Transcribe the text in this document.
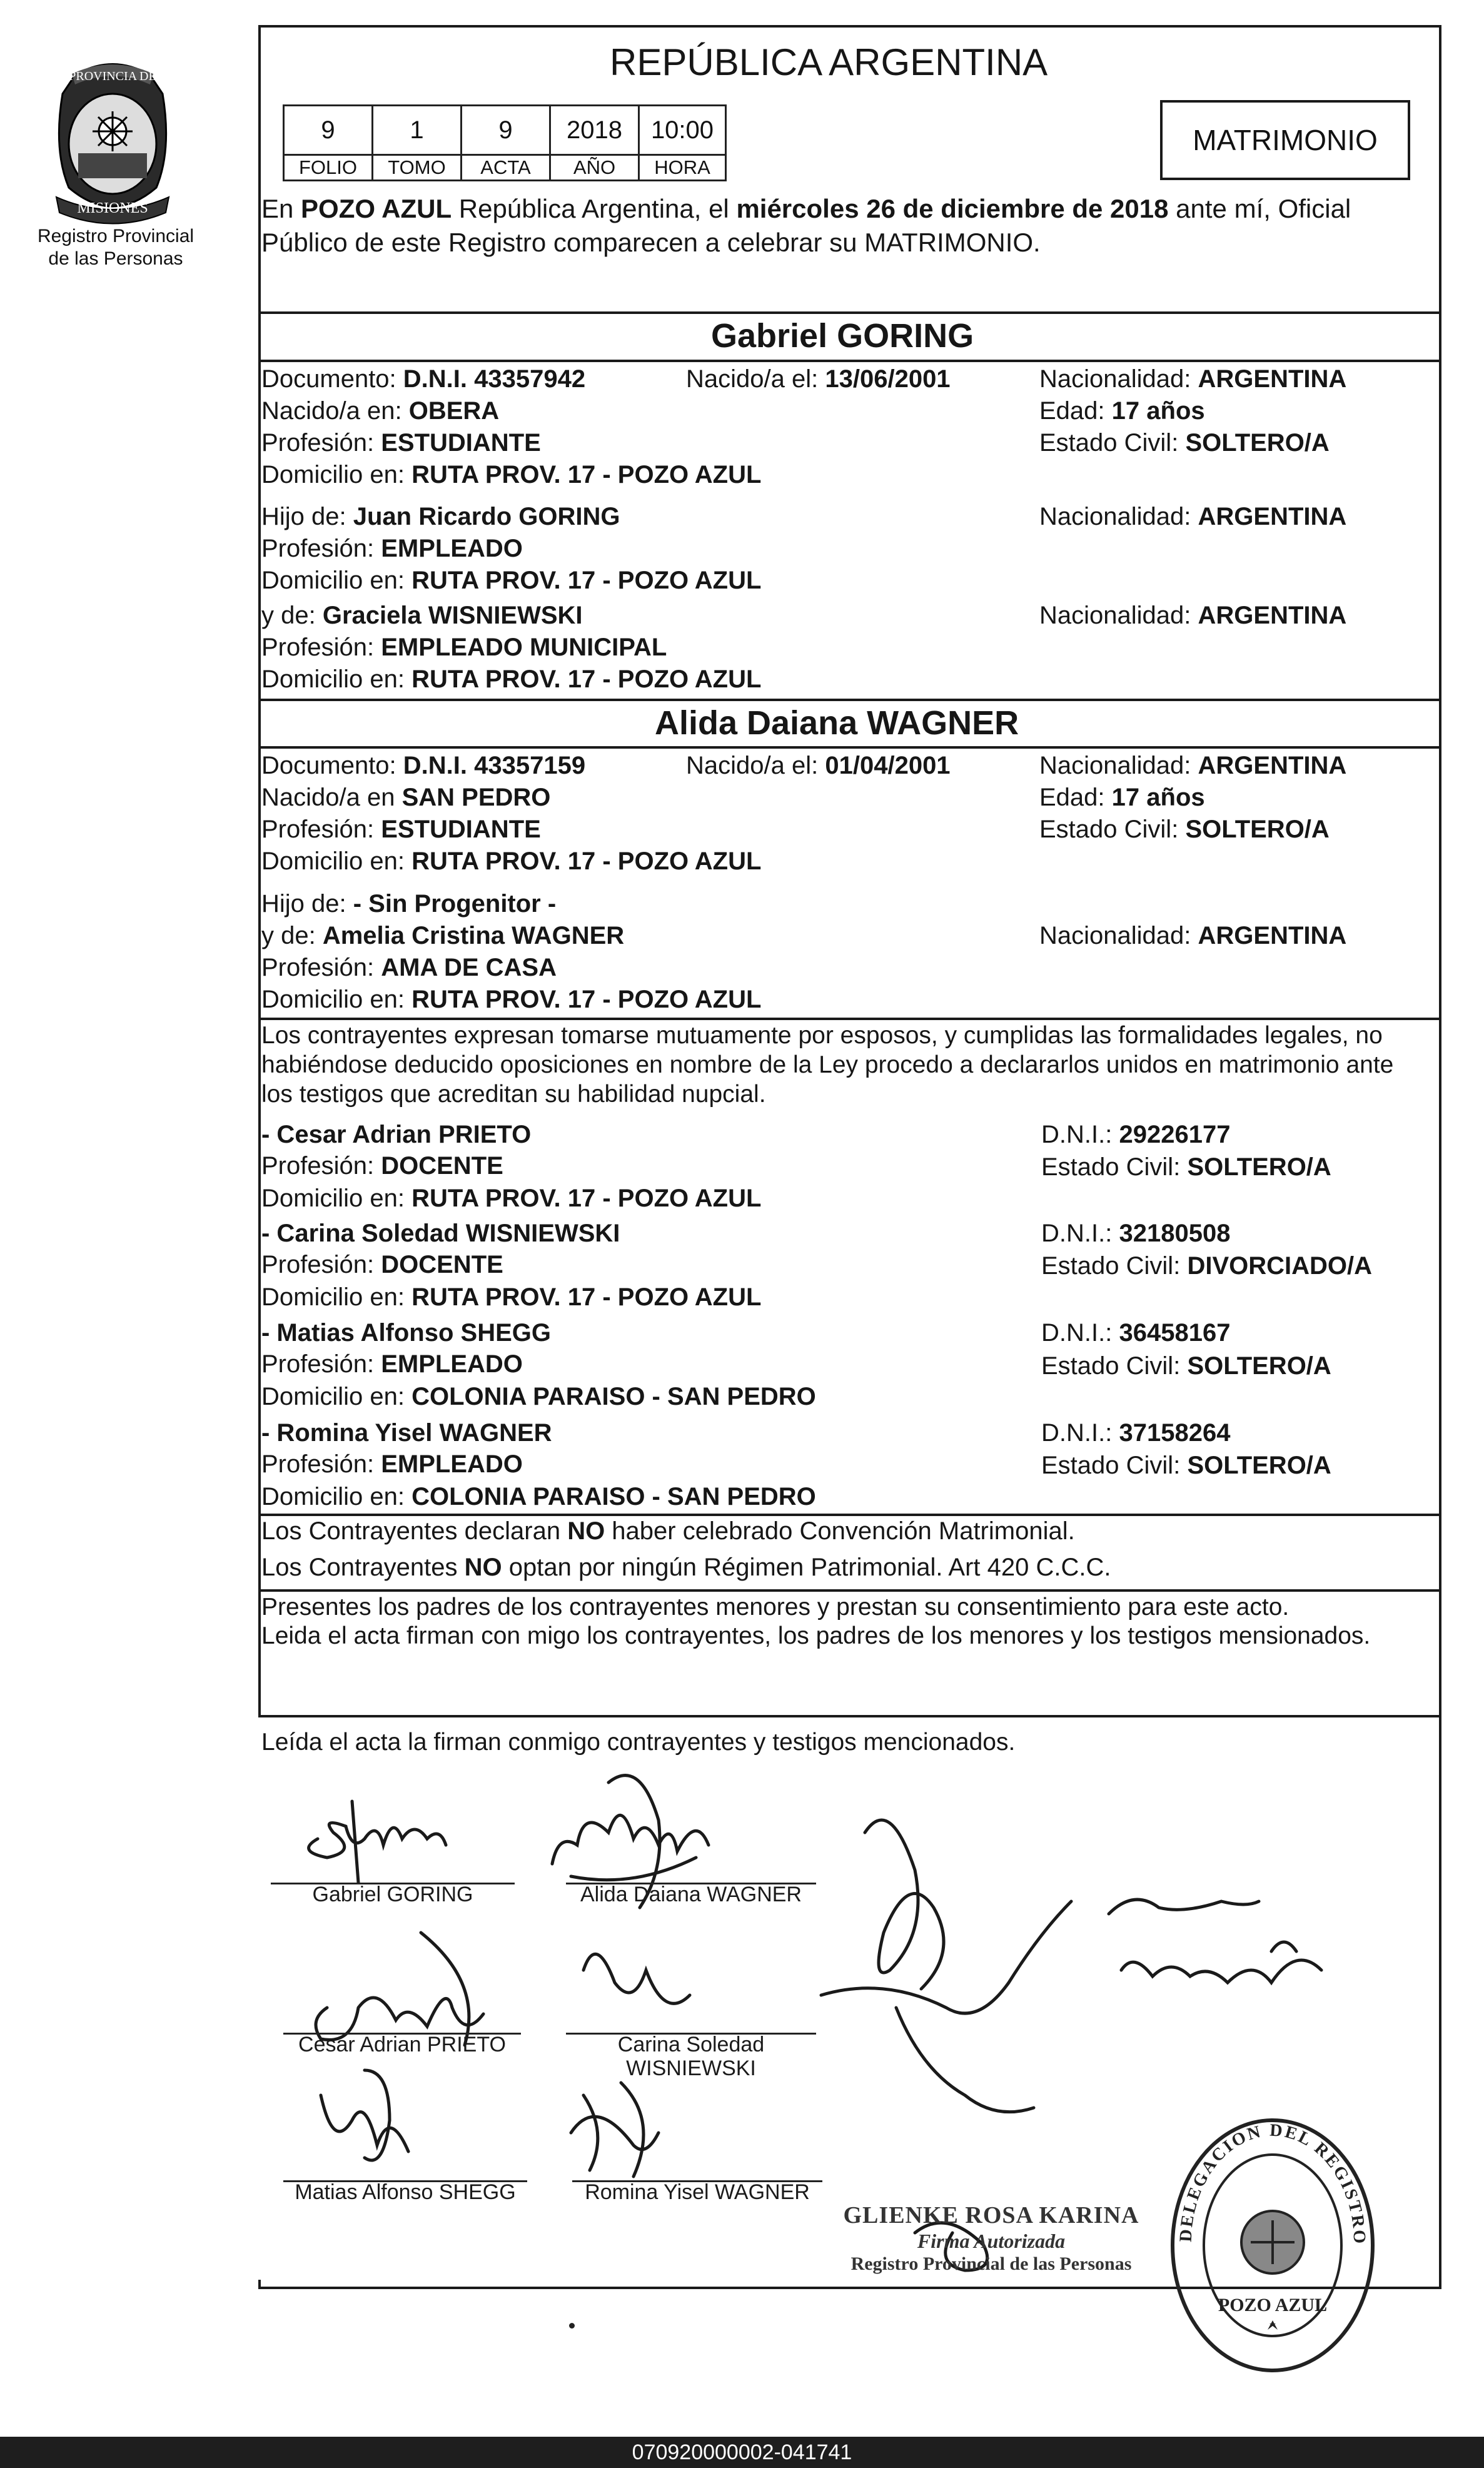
PROVINCIA DE
MISIONES
Registro Provincial
de las Personas
REPÚBLICA ARGENTINA
9	1	9	2018	10:00
FOLIO	TOMO	ACTA	AÑO	HORA
MATRIMONIO
En POZO AZUL República Argentina, el miércoles 26 de diciembre de 2018 ante mí, Oficial
Público de este Registro comparecen a celebrar su MATRIMONIO.
Gabriel GORING
Documento: D.N.I. 43357942	Nacido/a el: 13/06/2001	Nacionalidad: ARGENTINA
Nacido/a en: OBERA	Edad: 17 años
Profesión: ESTUDIANTE	Estado Civil: SOLTERO/A
Domicilio en: RUTA PROV. 17 - POZO AZUL
Hijo de: Juan Ricardo GORING	Nacionalidad: ARGENTINA
Profesión: EMPLEADO
Domicilio en: RUTA PROV. 17 - POZO AZUL
y de: Graciela WISNIEWSKI	Nacionalidad: ARGENTINA
Profesión: EMPLEADO MUNICIPAL
Domicilio en: RUTA PROV. 17 - POZO AZUL
Alida Daiana WAGNER
Documento: D.N.I. 43357159	Nacido/a el: 01/04/2001	Nacionalidad: ARGENTINA
Nacido/a en SAN PEDRO	Edad: 17 años
Profesión: ESTUDIANTE	Estado Civil: SOLTERO/A
Domicilio en: RUTA PROV. 17 - POZO AZUL
Hijo de: - Sin Progenitor -
y de: Amelia Cristina WAGNER	Nacionalidad: ARGENTINA
Profesión: AMA DE CASA
Domicilio en: RUTA PROV. 17 - POZO AZUL
Los contrayentes expresan tomarse mutuamente por esposos, y cumplidas las formalidades legales, no
habiéndose deducido oposiciones en nombre de la Ley procedo a declararlos unidos en matrimonio ante
los testigos que acreditan su habilidad nupcial.
- Cesar Adrian PRIETO	D.N.I.: 29226177
Profesión: DOCENTE	Estado Civil: SOLTERO/A
Domicilio en: RUTA PROV. 17 - POZO AZUL
- Carina Soledad WISNIEWSKI	D.N.I.: 32180508
Profesión: DOCENTE	Estado Civil: DIVORCIADO/A
Domicilio en: RUTA PROV. 17 - POZO AZUL
- Matias Alfonso SHEGG	D.N.I.: 36458167
Profesión: EMPLEADO	Estado Civil: SOLTERO/A
Domicilio en: COLONIA PARAISO - SAN PEDRO
- Romina Yisel WAGNER	D.N.I.: 37158264
Profesión: EMPLEADO	Estado Civil: SOLTERO/A
Domicilio en: COLONIA PARAISO - SAN PEDRO
Los Contrayentes declaran NO haber celebrado Convención Matrimonial.
Los Contrayentes NO optan por ningún Régimen Patrimonial. Art 420 C.C.C.
Presentes los padres de los contrayentes menores y prestan su consentimiento para este acto.
Leida el acta firman con migo los contrayentes, los padres de los menores y los testigos mensionados.
Leída el acta la firman conmigo contrayentes y testigos mencionados.
Gabriel GORING	Alida Daiana WAGNER
Cesar Adrian PRIETO	Carina Soledad
WISNIEWSKI
Matias Alfonso SHEGG	Romina Yisel WAGNER
GLIENKE ROSA KARINA
Firma Autorizada
Registro Provincial de las Personas
DELEGACION DEL REGISTRO
POZO AZUL
070920000002-041741
